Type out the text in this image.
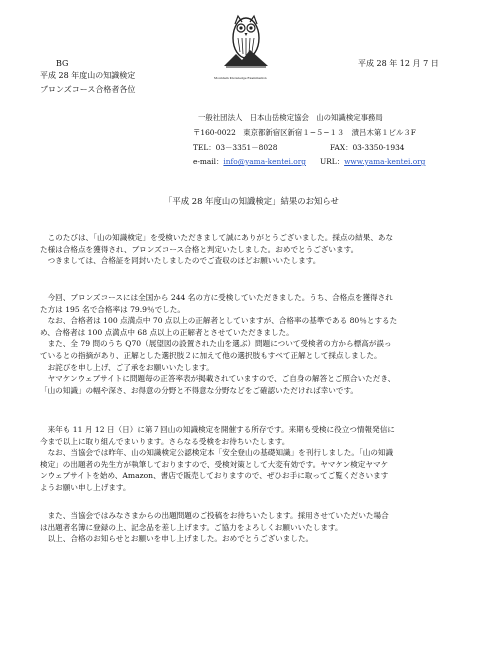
BG
平成 28 年度山の知識検定
ブロンズコース合格者各位
Mountain Knowledge Examination
平成 28 年 12 月 7 日
一般社団法人　日本山岳検定協会　山の知識検定事務局
〒160-0022　東京都新宿区新宿１−５−１３　潰吕木第１ビル３F
TEL：03－3351－8028	FAX：03-3350-1934
e-mail：info@yama-kentei.org URL：www.yama-kentei.org
「平成 28 年度山の知識検定」結果のお知らせ

　このたびは、「山の知識検定」を受検いただきまして誠にありがとうございました。採点の結果、あな

た様は合格点を獲得され、ブロンズコース合格と判定いたしました。おめでとうございます。

　つきましては、合格証を同封いたしましたのでご査収のほどお願いいたします。

　今回、ブロンズコースには全国から 244 名の方に受検していただきました。うち、合格点を獲得され

た方は 195 名で合格率は 79.9％でした。

　なお、合格者は 100 点満点中 70 点以上の正解者としていますが、合格率の基準である 80％とするた

め、合格者は 100 点満点中 68 点以上の正解者とさせていただきました。

　また、全 79 問のうち Q70（展望図の設置された山を選ぶ）問題について受検者の方から標高が誤っ

ているとの指摘があり、正解とした選択肢２に加えて他の選択肢もすべて正解として採点しました。

　お詫びを申し上げ、ご了承をお願いいたします。

　ヤマケンウェブサイトに問題毎の正答率表が掲載されていますので、ご自身の解答とご照合いただき、

「山の知識」の幅や深さ、お得意の分野と不得意な分野などをご確認いただければ幸いです。

　来年も 11 月 12 日（日）に第７回山の知識検定を開催する所存です。来期も受検に役立つ情報発信に

今まで以上に取り組んでまいります。さらなる受検をお待ちいたします。

　なお、当協会では昨年、山の知識検定公認検定本「安全登山の基礎知識」を刊行しました。「山の知識

検定」の出題者の先生方が執筆しておりますので、受検対策として大変有効です。ヤマケン検定ヤマケ

ンウェブサイトを始め、Amazon、書店で販売しておりますので、ぜひお手に取ってご覧くださいます

ようお願い申し上げます。

　また、当協会ではみなさまからの出題問題のご投稿をお待ちいたします。採用させていただいた場合

は出題者名簿に登録の上、記念品を差し上げます。ご協力をよろしくお願いいたします。

　以上、合格のお知らせとお願いを申し上げました。おめでとうございました。
